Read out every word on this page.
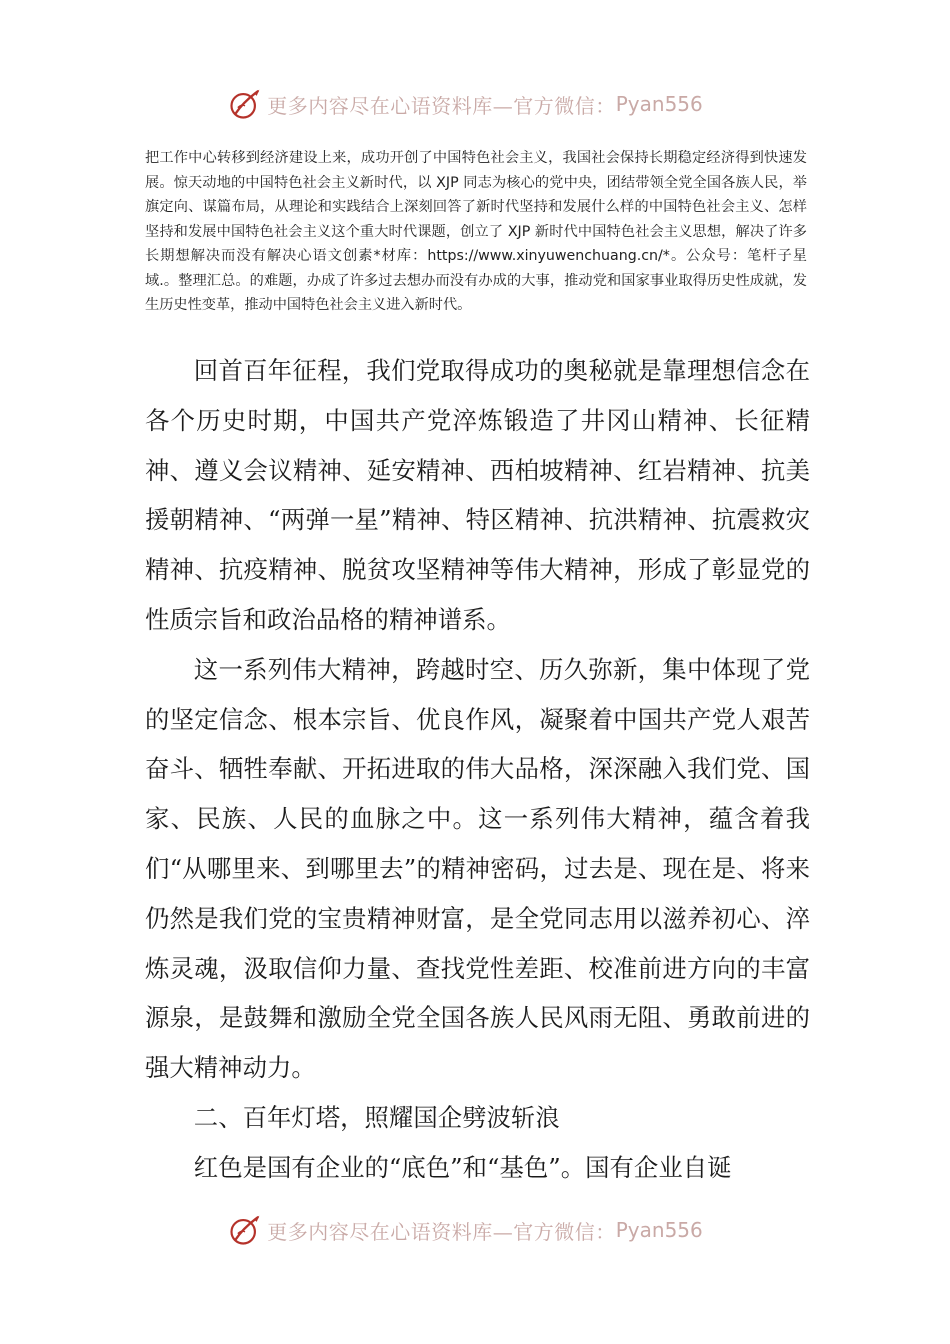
更多内容尽在心语资料库—官方微信： Pyan556

把工作中心转移到经济建设上来，成功开创了中国特色社会主义，我国社会保持长期稳定经济得到快速发展。惊天动地的中国特色社会主义新时代，以 XJP 同志为核心的党中央，团结带领全党全国各族人民，举旗定向、谋篇布局，从理论和实践结合上深刻回答了新时代坚持和发展什么样的中国特色社会主义、怎样坚持和发展中国特色社会主义这个重大时代课题，创立了 XJP 新时代中国特色社会主义思想，解决了许多长期想解决而没有解决心语文创素*材库：https://www.xinyuwenchuang.cn/*。公众号：笔杆子星域.。整理汇总。的难题，办成了许多过去想办而没有办成的大事，推动党和国家事业取得历史性成就，发生历史性变革，推动中国特色社会主义进入新时代。

回首百年征程，我们党取得成功的奥秘就是靠理想信念在各个历史时期，中国共产党淬炼锻造了井冈山精神、长征精神、遵义会议精神、延安精神、西柏坡精神、红岩精神、抗美援朝精神、“两弹一星”精神、特区精神、抗洪精神、抗震救灾精神、抗疫精神、脱贫攻坚精神等伟大精神，形成了彰显党的性质宗旨和政治品格的精神谱系。

这一系列伟大精神，跨越时空、历久弥新，集中体现了党的坚定信念、根本宗旨、优良作风，凝聚着中国共产党人艰苦奋斗、牺牲奉献、开拓进取的伟大品格，深深融入我们党、国家、民族、人民的血脉之中。这一系列伟大精神，蕴含着我们“从哪里来、到哪里去”的精神密码，过去是、现在是、将来仍然是我们党的宝贵精神财富，是全党同志用以滋养初心、淬炼灵魂，汲取信仰力量、查找党性差距、校准前进方向的丰富源泉，是鼓舞和激励全党全国各族人民风雨无阻、勇敢前进的强大精神动力。

二、百年灯塔，照耀国企劈波斩浪

红色是国有企业的“底色”和“基色”。国有企业自诞

更多内容尽在心语资料库—官方微信： Pyan556
